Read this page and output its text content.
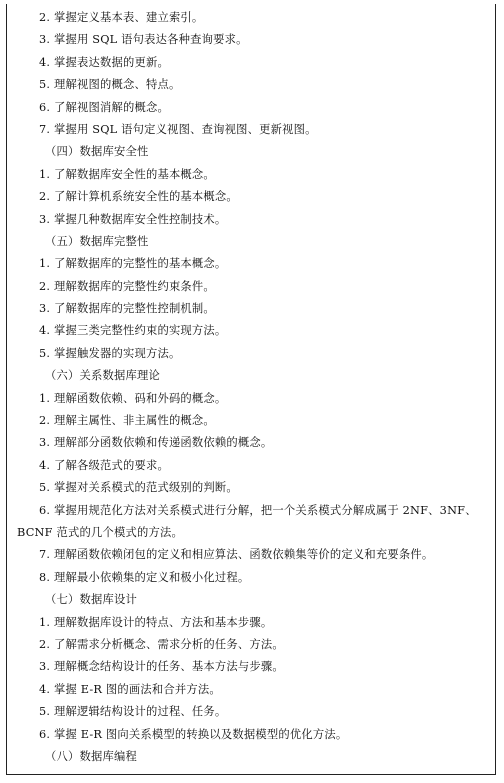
2. 掌握定义基本表、建立索引。
3. 掌握用 SQL 语句表达各种查询要求。
4. 掌握表达数据的更新。
5. 理解视图的概念、特点。
6. 了解视图消解的概念。
7. 掌握用 SQL 语句定义视图、查询视图、更新视图。
（四）数据库安全性
1. 了解数据库安全性的基本概念。
2. 了解计算机系统安全性的基本概念。
3. 掌握几种数据库安全性控制技术。
（五）数据库完整性
1. 了解数据库的完整性的基本概念。
2. 理解数据库的完整性约束条件。
3. 了解数据库的完整性控制机制。
4. 掌握三类完整性约束的实现方法。
5. 掌握触发器的实现方法。
（六）关系数据库理论
1. 理解函数依赖、码和外码的概念。
2. 理解主属性、非主属性的概念。
3. 理解部分函数依赖和传递函数依赖的概念。
4. 了解各级范式的要求。
5. 掌握对关系模式的范式级别的判断。
6. 掌握用规范化方法对关系模式进行分解，把一个关系模式分解成属于 2NF、3NF、
BCNF 范式的几个模式的方法。
7. 理解函数依赖闭包的定义和相应算法、函数依赖集等价的定义和充要条件。
8. 理解最小依赖集的定义和极小化过程。
（七）数据库设计
1. 理解数据库设计的特点、方法和基本步骤。
2. 了解需求分析概念、需求分析的任务、方法。
3. 理解概念结构设计的任务、基本方法与步骤。
4. 掌握 E-R 图的画法和合并方法。
5. 理解逻辑结构设计的过程、任务。
6. 掌握 E-R 图向关系模型的转换以及数据模型的优化方法。
（八）数据库编程
